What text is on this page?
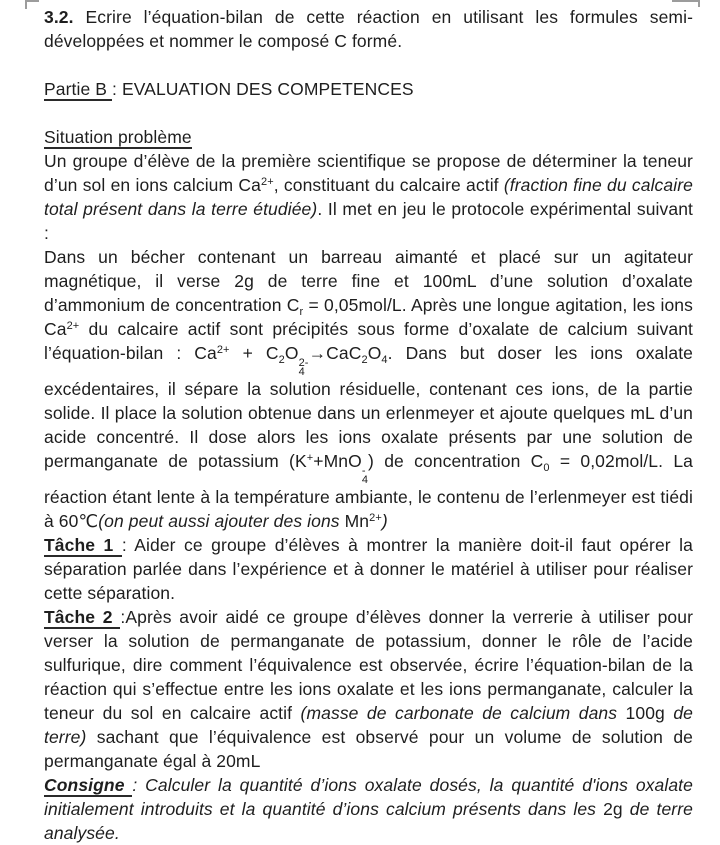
3.2. Ecrire l’équation-bilan de cette réaction en utilisant les formules semi-développées et nommer le composé C formé.

Partie B : EVALUATION DES COMPETENCES

Situation problème

Un groupe d’élève de la première scientifique se propose de déterminer la teneur d’un sol en ions calcium $Ca^{2+}$, constituant du calcaire actif (fraction fine du calcaire total présent dans la terre étudiée). Il met en jeu le protocole expérimental suivant :

Dans un bécher contenant un barreau aimanté et placé sur un agitateur magnétique, il verse 2g de terre fine et 100mL d’une solution d’oxalate d’ammonium de concentration $C_r = 0,05mol/L$. Après une longue agitation, les ions $Ca^{2+}$ du calcaire actif sont précipités sous forme d’oxalate de calcium suivant l’équation-bilan : $Ca^{2+} + C_2O$ 2-
4
$\to CaC_2O_4$. Dans but doser les ions oxalate excédentaires, il sépare la solution résiduelle, contenant ces ions, de la partie solide. Il place la solution obtenue dans un erlenmeyer et ajoute quelques mL d’un acide concentré. Il dose alors les ions oxalate présents par une solution de permanganate de potassium (K++MnO -
4
) de concentration $C_0 = 0,02mol/L$. La réaction étant lente à la température ambiante, le contenu de l’erlenmeyer est tiédi à 60℃(on peut aussi ajouter des ions $Mn^{2+}$)

Tâche 1 : Aider ce groupe d’élèves à montrer la manière doit-il faut opérer la séparation parlée dans l’expérience et à donner le matériel à utiliser pour réaliser cette séparation.

Tâche 2 :Après avoir aidé ce groupe d’élèves donner la verrerie à utiliser pour verser la solution de permanganate de potassium, donner le rôle de l’acide sulfurique, dire comment l’équivalence est observée, écrire l’équation-bilan de la réaction qui s’effectue entre les ions oxalate et les ions permanganate, calculer la teneur du sol en calcaire actif (masse de carbonate de calcium dans 100g de terre) sachant que l’équivalence est observé pour un volume de solution de permanganate égal à 20mL

Consigne : Calculer la quantité d’ions oxalate dosés, la quantité d'ions oxalate initialement introduits et la quantité d’ions calcium présents dans les 2g de terre analysée.
